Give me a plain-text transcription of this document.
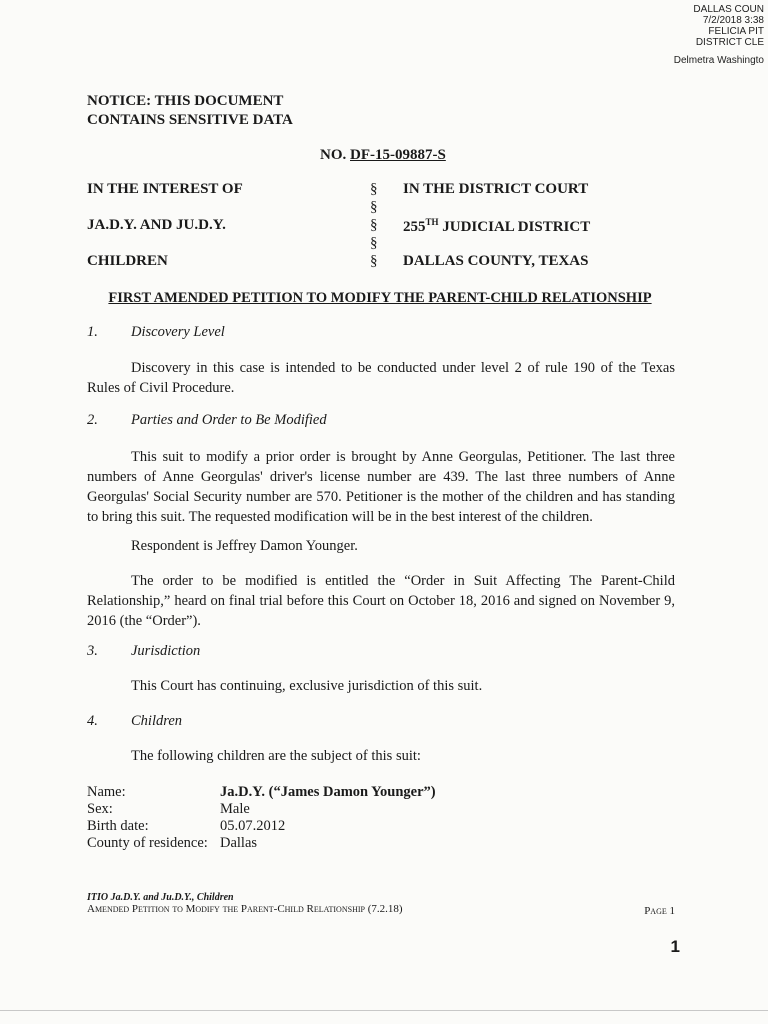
DALLAS COUN
7/2/2018 3:38
FELICIA PIT
DISTRICT CLE
Delmetra Washingto
NOTICE: THIS DOCUMENT
CONTAINS SENSITIVE DATA
NO. DF-15-09887-S
IN THE INTEREST OF	§ IN THE DISTRICT COURT
§
JA.D.Y. AND JU.D.Y.	§ 255TH JUDICIAL DISTRICT
§
CHILDREN	§ DALLAS COUNTY, TEXAS
FIRST AMENDED PETITION TO MODIFY THE PARENT-CHILD RELATIONSHIP
1. Discovery Level
Discovery in this case is intended to be conducted under level 2 of rule 190 of the Texas Rules of Civil Procedure.
2. Parties and Order to Be Modified
This suit to modify a prior order is brought by Anne Georgulas, Petitioner. The last three numbers of Anne Georgulas' driver's license number are 439. The last three numbers of Anne Georgulas' Social Security number are 570. Petitioner is the mother of the children and has standing to bring this suit. The requested modification will be in the best interest of the children.
Respondent is Jeffrey Damon Younger.
The order to be modified is entitled the “Order in Suit Affecting The Parent-Child Relationship,” heard on final trial before this Court on October 18, 2016 and signed on November 9, 2016 (the “Order”).
3. Jurisdiction
This Court has continuing, exclusive jurisdiction of this suit.
4. Children
The following children are the subject of this suit:
Name:	Ja.D.Y. (“James Damon Younger”)
Sex:	Male
Birth date:	05.07.2012
County of residence: Dallas
ITIO Ja.D.Y. and Ju.D.Y., Children
Amended Petition to Modify the Parent-Child Relationship (7.2.18)	Page 1
1
